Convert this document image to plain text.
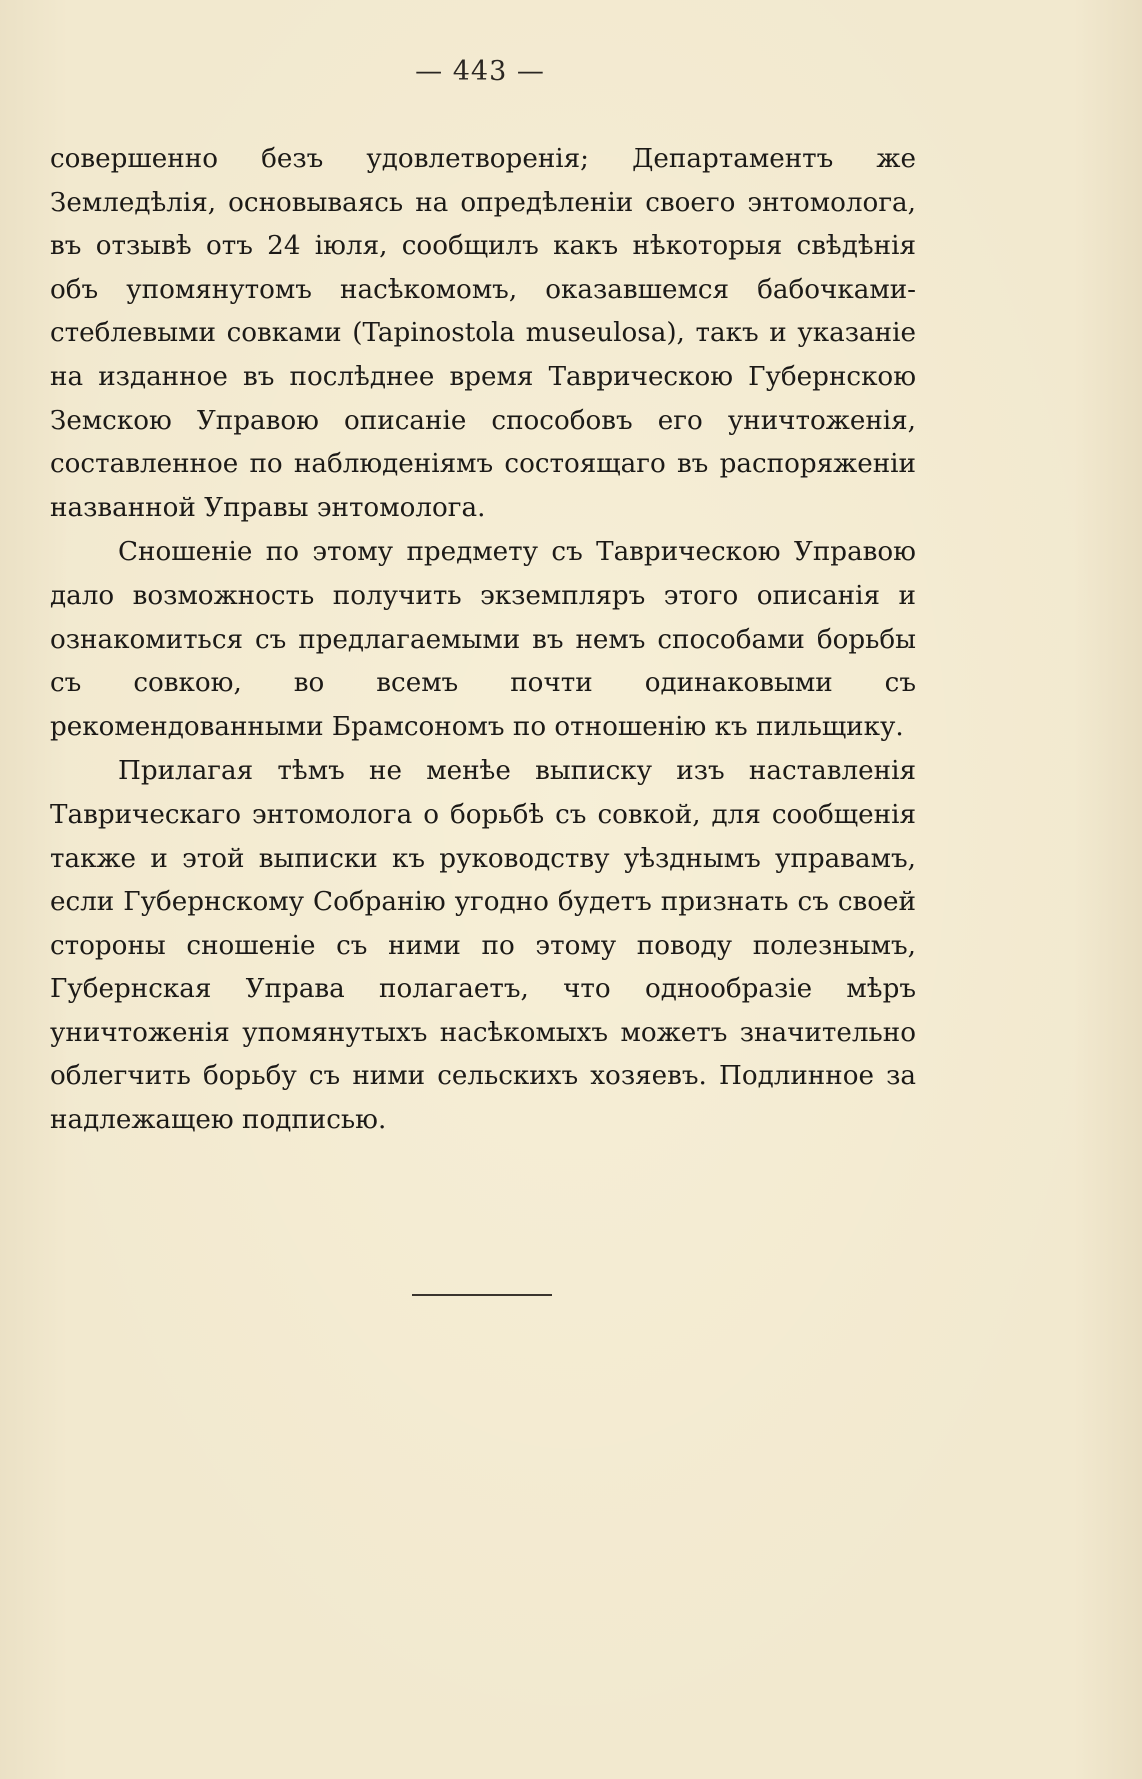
— 443 —

совершенно безъ удовлетворенія; Департаментъ же Земледѣлія, основываясь на опредѣленіи своего энтомолога, въ отзывѣ отъ 24 іюля, сообщилъ какъ нѣкоторыя свѣдѣнія объ упомянутомъ насѣкомомъ, оказавшемся бабочками-стеблевыми совками (Tapinostola museulosa), такъ и указаніе на изданное въ послѣднее время Таврическою Губернскою Земскою Управою описаніе способовъ его уничтоженія, составленное по наблюденіямъ состоящаго въ распоряженіи названной Управы энтомолога.

Сношеніе по этому предмету съ Таврическою Управою дало возможность получить экземпляръ этого описанія и ознакомиться съ предлагаемыми въ немъ способами борьбы съ совкою, во всемъ почти одинаковыми съ рекомендованными Брамсономъ по отношенію къ пильщику.

Прилагая тѣмъ не менѣе выписку изъ наставленія Таврическаго энтомолога о борьбѣ съ совкой, для сообщенія также и этой выписки къ руководству уѣзднымъ управамъ, если Губернскому Собранію угодно будетъ признать съ своей стороны сношеніе съ ними по этому поводу полезнымъ, Губернская Управа полагаетъ, что однообразіе мѣръ уничтоженія упомянутыхъ насѣкомыхъ можетъ значительно облегчить борьбу съ ними сельскихъ хозяевъ. Подлинное за надлежащею подписью.
